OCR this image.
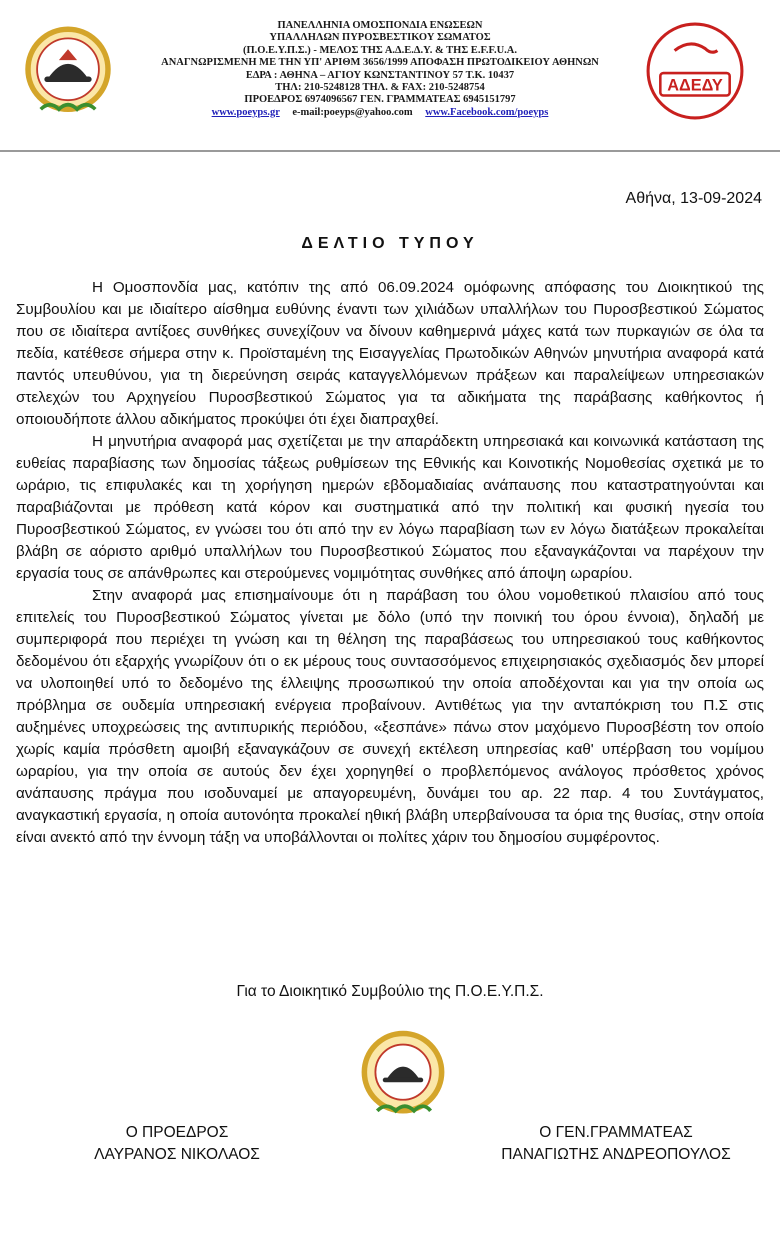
ΠΑΝΕΛΛΗΝΙΑ ΟΜΟΣΠΟΝΔΙΑ ΕΝΩΣΕΩΝ
ΥΠΑΛΛΗΛΩΝ ΠΥΡΟΣΒΕΣΤΙΚΟΥ ΣΩΜΑΤΟΣ
(Π.Ο.Ε.Υ.Π.Σ.) - ΜΕΛΟΣ ΤΗΣ Α.Δ.Ε.Δ.Υ. & ΤΗΣ E.F.F.U.A.
ΑΝΑΓΝΩΡΙΣΜΕΝΗ ΜΕ ΤΗΝ ΥΠ' ΑΡΙΘΜ 3656/1999 ΑΠΟΦΑΣΗ ΠΡΩΤΟΔΙΚΕΙΟΥ ΑΘΗΝΩΝ
ΕΔΡΑ : ΑΘΗΝΑ – ΑΓΙΟΥ ΚΩΝΣΤΑΝΤΙΝΟΥ 57 Τ.Κ. 10437
ΤΗΛ: 210-5248128 ΤΗΛ. & FAX: 210-5248754
ΠΡΟΕΔΡΟΣ 6974096567 ΓΕΝ. ΓΡΑΜΜΑΤΕΑΣ 6945151797
www.poeyps.gr e-mail:poeyps@yahoo.com www.Facebook.com/poeyps
ΑΔΕΔΥ
Αθήνα, 13-09-2024
ΔΕΛΤΙΟ ΤΥΠΟΥ

Η Ομοσπονδία μας, κατόπιν της από 06.09.2024 ομόφωνης απόφασης του Διοικητικού της Συμβουλίου και με ιδιαίτερο αίσθημα ευθύνης έναντι των χιλιάδων υπαλλήλων του Πυροσβεστικού Σώματος που σε ιδιαίτερα αντίξοες συνθήκες συνεχίζουν να δίνουν καθημερινά μάχες κατά των πυρκαγιών σε όλα τα πεδία, κατέθεσε σήμερα στην κ. Προϊσταμένη της Εισαγγελίας Πρωτοδικών Αθηνών μηνυτήρια αναφορά κατά παντός υπευθύνου, για τη διερεύνηση σειράς καταγγελλόμενων πράξεων και παραλείψεων υπηρεσιακών στελεχών του Αρχηγείου Πυροσβεστικού Σώματος για τα αδικήματα της παράβασης καθήκοντος ή οποιουδήποτε άλλου αδικήματος προκύψει ότι έχει διαπραχθεί.

Η μηνυτήρια αναφορά μας σχετίζεται με την απαράδεκτη υπηρεσιακά και κοινωνικά κατάσταση της ευθείας παραβίασης των δημοσίας τάξεως ρυθμίσεων της Εθνικής και Κοινοτικής Νομοθεσίας σχετικά με το ωράριο, τις επιφυλακές και τη χορήγηση ημερών εβδομαδιαίας ανάπαυσης που καταστρατηγούνται και παραβιάζονται με πρόθεση κατά κόρον και συστηματικά από την πολιτική και φυσική ηγεσία του Πυροσβεστικού Σώματος, εν γνώσει του ότι από την εν λόγω παραβίαση των εν λόγω διατάξεων προκαλείται βλάβη σε αόριστο αριθμό υπαλλήλων του Πυροσβεστικού Σώματος που εξαναγκάζονται να παρέχουν την εργασία τους σε απάνθρωπες και στερούμενες νομιμότητας συνθήκες από άποψη ωραρίου.

Στην αναφορά μας επισημαίνουμε ότι η παράβαση του όλου νομοθετικού πλαισίου από τους επιτελείς του Πυροσβεστικού Σώματος γίνεται με δόλο (υπό την ποινική του όρου έννοια), δηλαδή με συμπεριφορά που περιέχει τη γνώση και τη θέληση της παραβάσεως του υπηρεσιακού τους καθήκοντος δεδομένου ότι εξαρχής γνωρίζουν ότι ο εκ μέρους τους συντασσόμενος επιχειρησιακός σχεδιασμός δεν μπορεί να υλοποιηθεί υπό το δεδομένο της έλλειψης προσωπικού την οποία αποδέχονται και για την οποία ως πρόβλημα σε ουδεμία υπηρεσιακή ενέργεια προβαίνουν. Αντιθέτως για την ανταπόκριση του Π.Σ στις αυξημένες υποχρεώσεις της αντιπυρικής περιόδου, «ξεσπάνε» πάνω στον μαχόμενο Πυροσβέστη τον οποίο χωρίς καμία πρόσθετη αμοιβή εξαναγκάζουν σε συνεχή εκτέλεση υπηρεσίας καθ' υπέρβαση του νομίμου ωραρίου, για την οποία σε αυτούς δεν έχει χορηγηθεί ο προβλεπόμενος ανάλογος πρόσθετος χρόνος ανάπαυσης πράγμα που ισοδυναμεί με απαγορευμένη, δυνάμει του αρ. 22 παρ. 4 του Συντάγματος, αναγκαστική εργασία, η οποία αυτονόητα προκαλεί ηθική βλάβη υπερβαίνουσα τα όρια της θυσίας, στην οποία είναι ανεκτό από την έννομη τάξη να υποβάλλονται οι πολίτες χάριν του δημοσίου συμφέροντος.

Για το Διοικητικό Συμβούλιο της Π.Ο.Ε.Υ.Π.Σ.
Ο ΠΡΟΕΔΡΟΣ
ΛΑΥΡΑΝΟΣ ΝΙΚΟΛΑΟΣ
Ο ΓΕΝ.ΓΡΑΜΜΑΤΕΑΣ
ΠΑΝΑΓΙΩΤΗΣ ΑΝΔΡΕΟΠΟΥΛΟΣ
